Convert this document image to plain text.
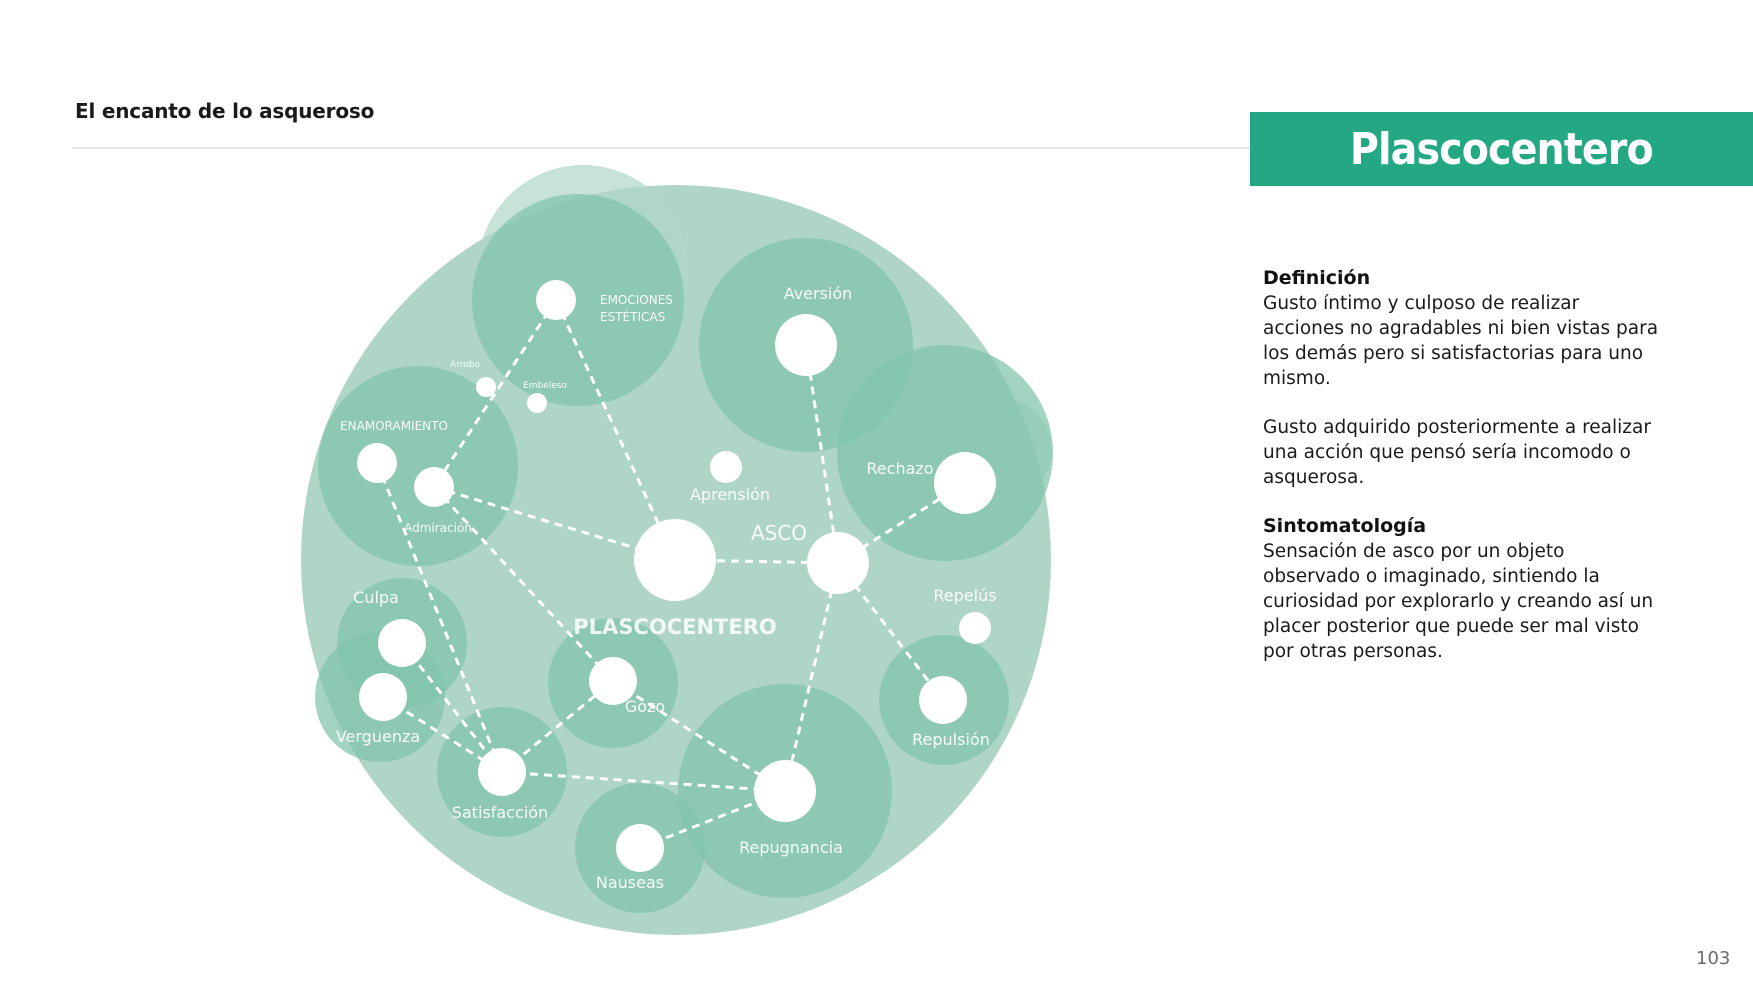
El encanto de lo asqueroso
Plascocentero
Definición

Gusto íntimo y culposo de realizar acciones no agradables ni bien vistas para los demás pero si satisfactorias para uno mismo.

Gusto adquirido posteriormente a realizar una acción que pensó sería incomodo o asquerosa.

Sintomatología

Sensación de asco por un objeto observado o imaginado, sintiendo la curiosidad por explorarlo y creando así un placer posterior que puede ser mal visto por otras personas.

103
ASCO
EMOCIONES ESTÉTICAS
Arrobo
Embeleso
ENAMORAMIENTO
Admiración
Aversión
Rechazo
Aprensión
Repelús
Repulsión
Culpa
Verguenza
Satisfacción
Gozo
Repugnancia
Nauseas
PLASCOCENTERO
